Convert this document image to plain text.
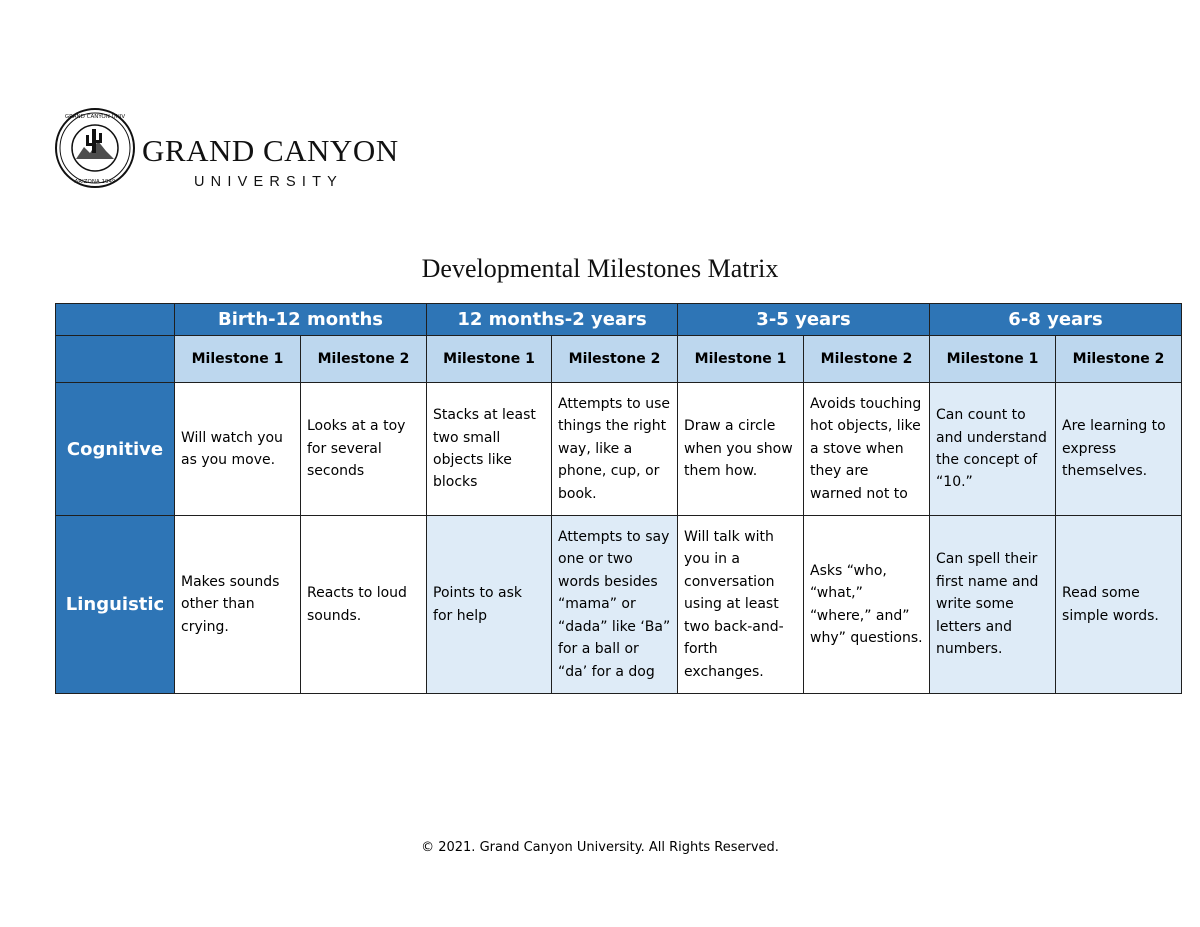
GRAND CANYON UNIV
ARIZONA 1949
GRAND CANYON
UNIVERSITY
Developmental Milestones Matrix
	Birth-12 months		12 months-2 years		3-5 years		6-8 years	
	Milestone 1	Milestone 2	Milestone 1	Milestone 2	Milestone 1	Milestone 2	Milestone 1	Milestone 2
Cognitive	Will watch you as you move.	Looks at a toy for several seconds	Stacks at least two small objects like blocks	Attempts to use things the right way, like a phone, cup, or book.	Draw a circle when you show them how.	Avoids touching hot objects, like a stove when they are warned not to	Can count to and understand the concept of “10.”	Are learning to express themselves.
Linguistic	Makes sounds other than crying.	Reacts to loud sounds.	Points to ask for help	Attempts to say one or two words besides “mama” or “dada” like ‘Ba” for a ball or “da’ for a dog	Will talk with you in a conversation using at least two back-and-forth exchanges.	Asks “who, “what,” “where,” and” why” questions.	Can spell their first name and write some letters and numbers.	Read some simple words.
© 2021. Grand Canyon University. All Rights Reserved.
